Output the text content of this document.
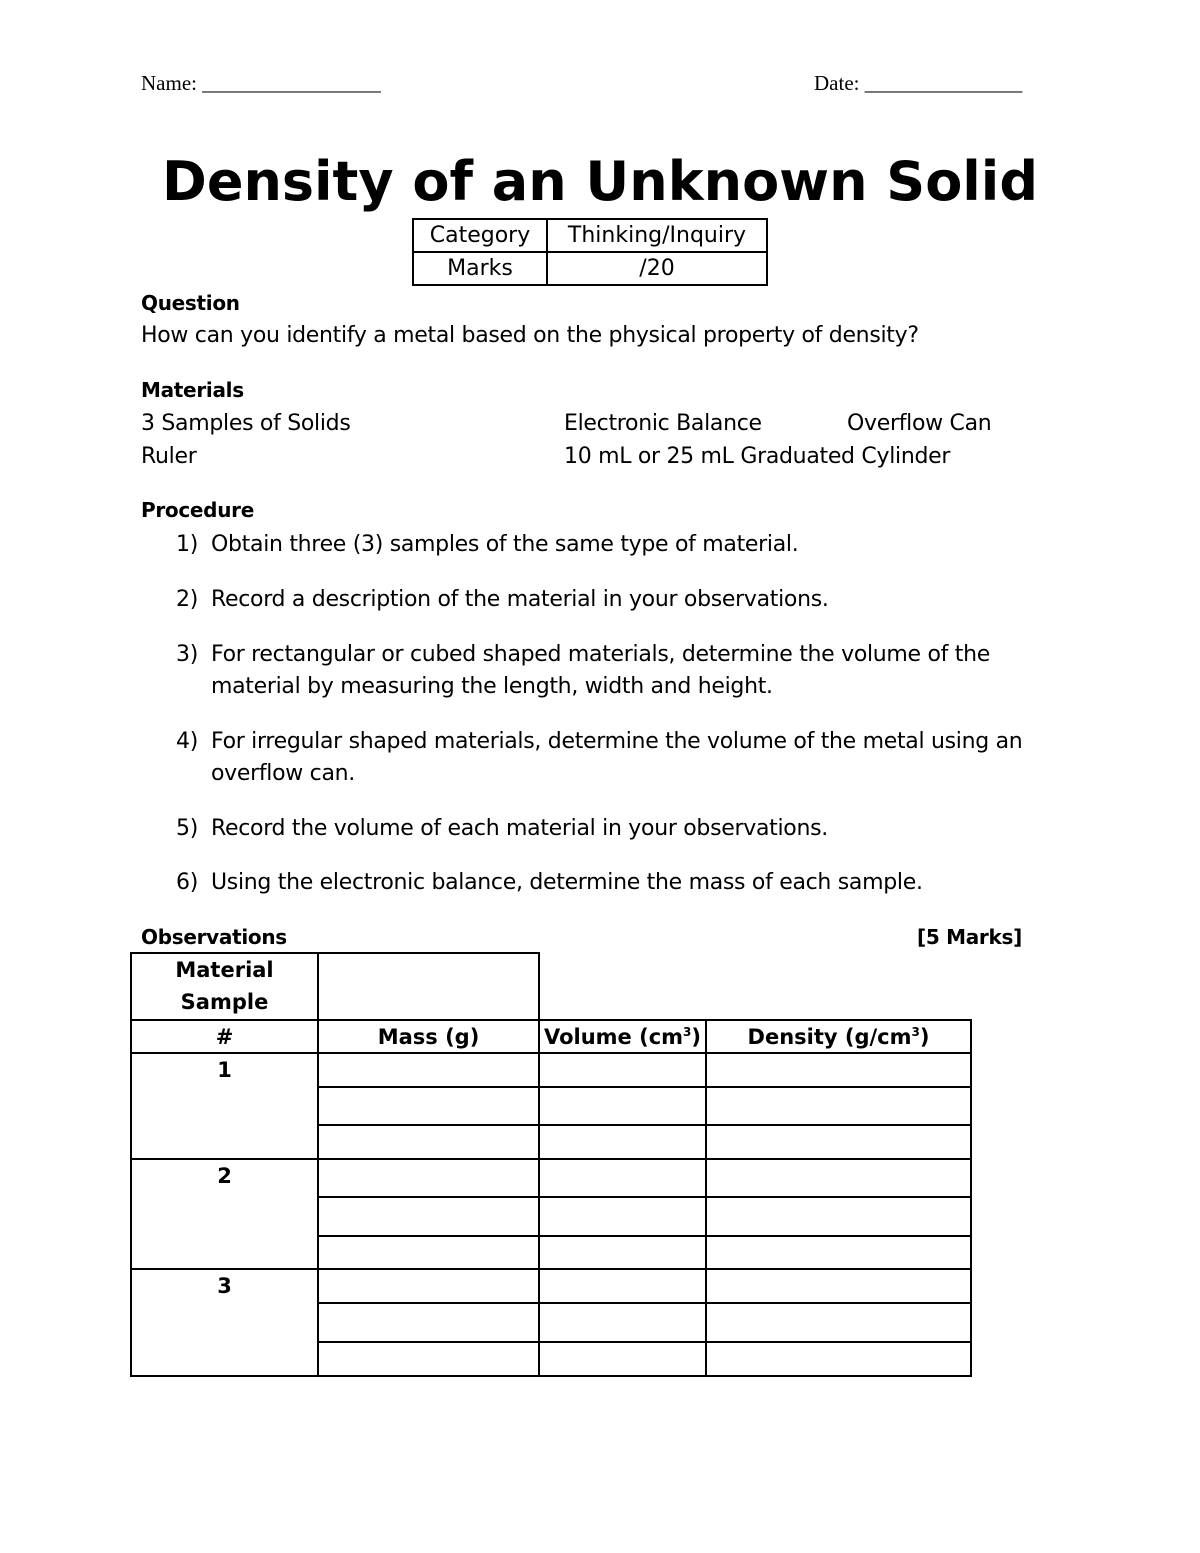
Name: _________________	Date: _______________
Density of an Unknown Solid
Category	Thinking/Inquiry
Marks	/20
Question
How can you identify a metal based on the physical property of density?
Materials
3 Samples of Solids	Electronic Balance	Overflow Can
Ruler	10 mL or 25 mL Graduated Cylinder
Procedure
1) Obtain three (3) samples of the same type of material.
2) Record a description of the material in your observations.
3) For rectangular or cubed shaped materials, determine the volume of the
material by measuring the length, width and height.
4) For irregular shaped materials, determine the volume of the metal using an
overflow can.
5) Record the volume of each material in your observations.
6) Using the electronic balance, determine the mass of each sample.
Observations	[5 Marks]
Material
Sample
#	Mass (g)	Volume $(cm^3)$	Density $(g/cm^3)$
1
2
3
